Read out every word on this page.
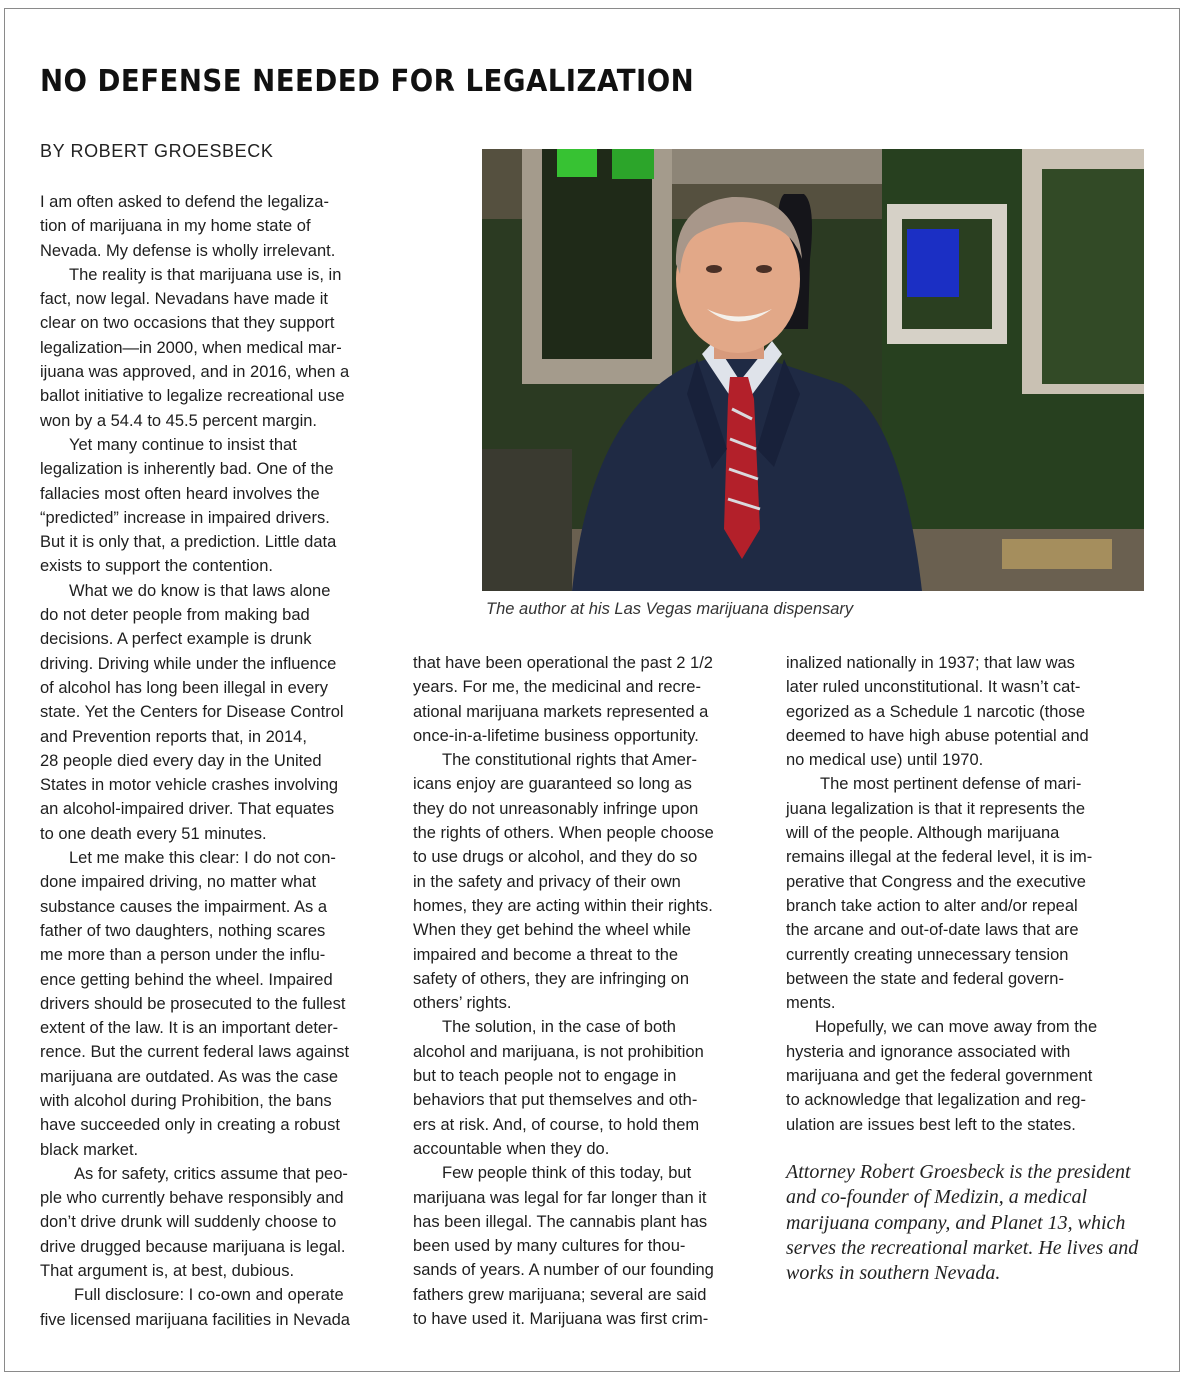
NO DEFENSE NEEDED FOR LEGALIZATION
BY ROBERT GROESBECK
The author at his Las Vegas marijuana dispensary

I am often asked to defend the legaliza-
tion of marijuana in my home state of
Nevada. My defense is wholly irrelevant.

The reality is that marijuana use is, in
fact, now legal. Nevadans have made it
clear on two occasions that they support
legalization—in 2000, when medical mar-
ijuana was approved, and in 2016, when a
ballot initiative to legalize recreational use
won by a 54.4 to 45.5 percent margin.

Yet many continue to insist that
legalization is inherently bad. One of the
fallacies most often heard involves the
“predicted” increase in impaired drivers.
But it is only that, a prediction. Little data
exists to support the contention.

What we do know is that laws alone
do not deter people from making bad
decisions. A perfect example is drunk
driving. Driving while under the influence
of alcohol has long been illegal in every
state. Yet the Centers for Disease Control
and Prevention reports that, in 2014,
28 people died every day in the United
States in motor vehicle crashes involving
an alcohol-impaired driver. That equates
to one death every 51 minutes.

Let me make this clear: I do not con-
done impaired driving, no matter what
substance causes the impairment. As a
father of two daughters, nothing scares
me more than a person under the influ-
ence getting behind the wheel. Impaired
drivers should be prosecuted to the fullest
extent of the law. It is an important deter-
rence. But the current federal laws against
marijuana are outdated. As was the case
with alcohol during Prohibition, the bans
have succeeded only in creating a robust
black market.

As for safety, critics assume that peo-
ple who currently behave responsibly and
don’t drive drunk will suddenly choose to
drive drugged because marijuana is legal.
That argument is, at best, dubious.

Full disclosure: I co-own and operate
five licensed marijuana facilities in Nevada

that have been operational the past 2 1/2
years. For me, the medicinal and recre-
ational marijuana markets represented a
once-in-a-lifetime business opportunity.

The constitutional rights that Amer-
icans enjoy are guaranteed so long as
they do not unreasonably infringe upon
the rights of others. When people choose
to use drugs or alcohol, and they do so
in the safety and privacy of their own
homes, they are acting within their rights.
When they get behind the wheel while
impaired and become a threat to the
safety of others, they are infringing on
others’ rights.

The solution, in the case of both
alcohol and marijuana, is not prohibition
but to teach people not to engage in
behaviors that put themselves and oth-
ers at risk. And, of course, to hold them
accountable when they do.

Few people think of this today, but
marijuana was legal for far longer than it
has been illegal. The cannabis plant has
been used by many cultures for thou-
sands of years. A number of our founding
fathers grew marijuana; several are said
to have used it. Marijuana was first crim-

inalized nationally in 1937; that law was
later ruled unconstitutional. It wasn’t cat-
egorized as a Schedule 1 narcotic (those
deemed to have high abuse potential and
no medical use) until 1970.

The most pertinent defense of mari-
juana legalization is that it represents the
will of the people. Although marijuana
remains illegal at the federal level, it is im-
perative that Congress and the executive
branch take action to alter and/or repeal
the arcane and out-of-date laws that are
currently creating unnecessary tension
between the state and federal govern-
ments.

Hopefully, we can move away from the
hysteria and ignorance associated with
marijuana and get the federal government
to acknowledge that legalization and reg-
ulation are issues best left to the states.

Attorney Robert Groesbeck is the president
and co-founder of Medizin, a medical
marijuana company, and Planet 13, which
serves the recreational market. He lives and
works in southern Nevada.
